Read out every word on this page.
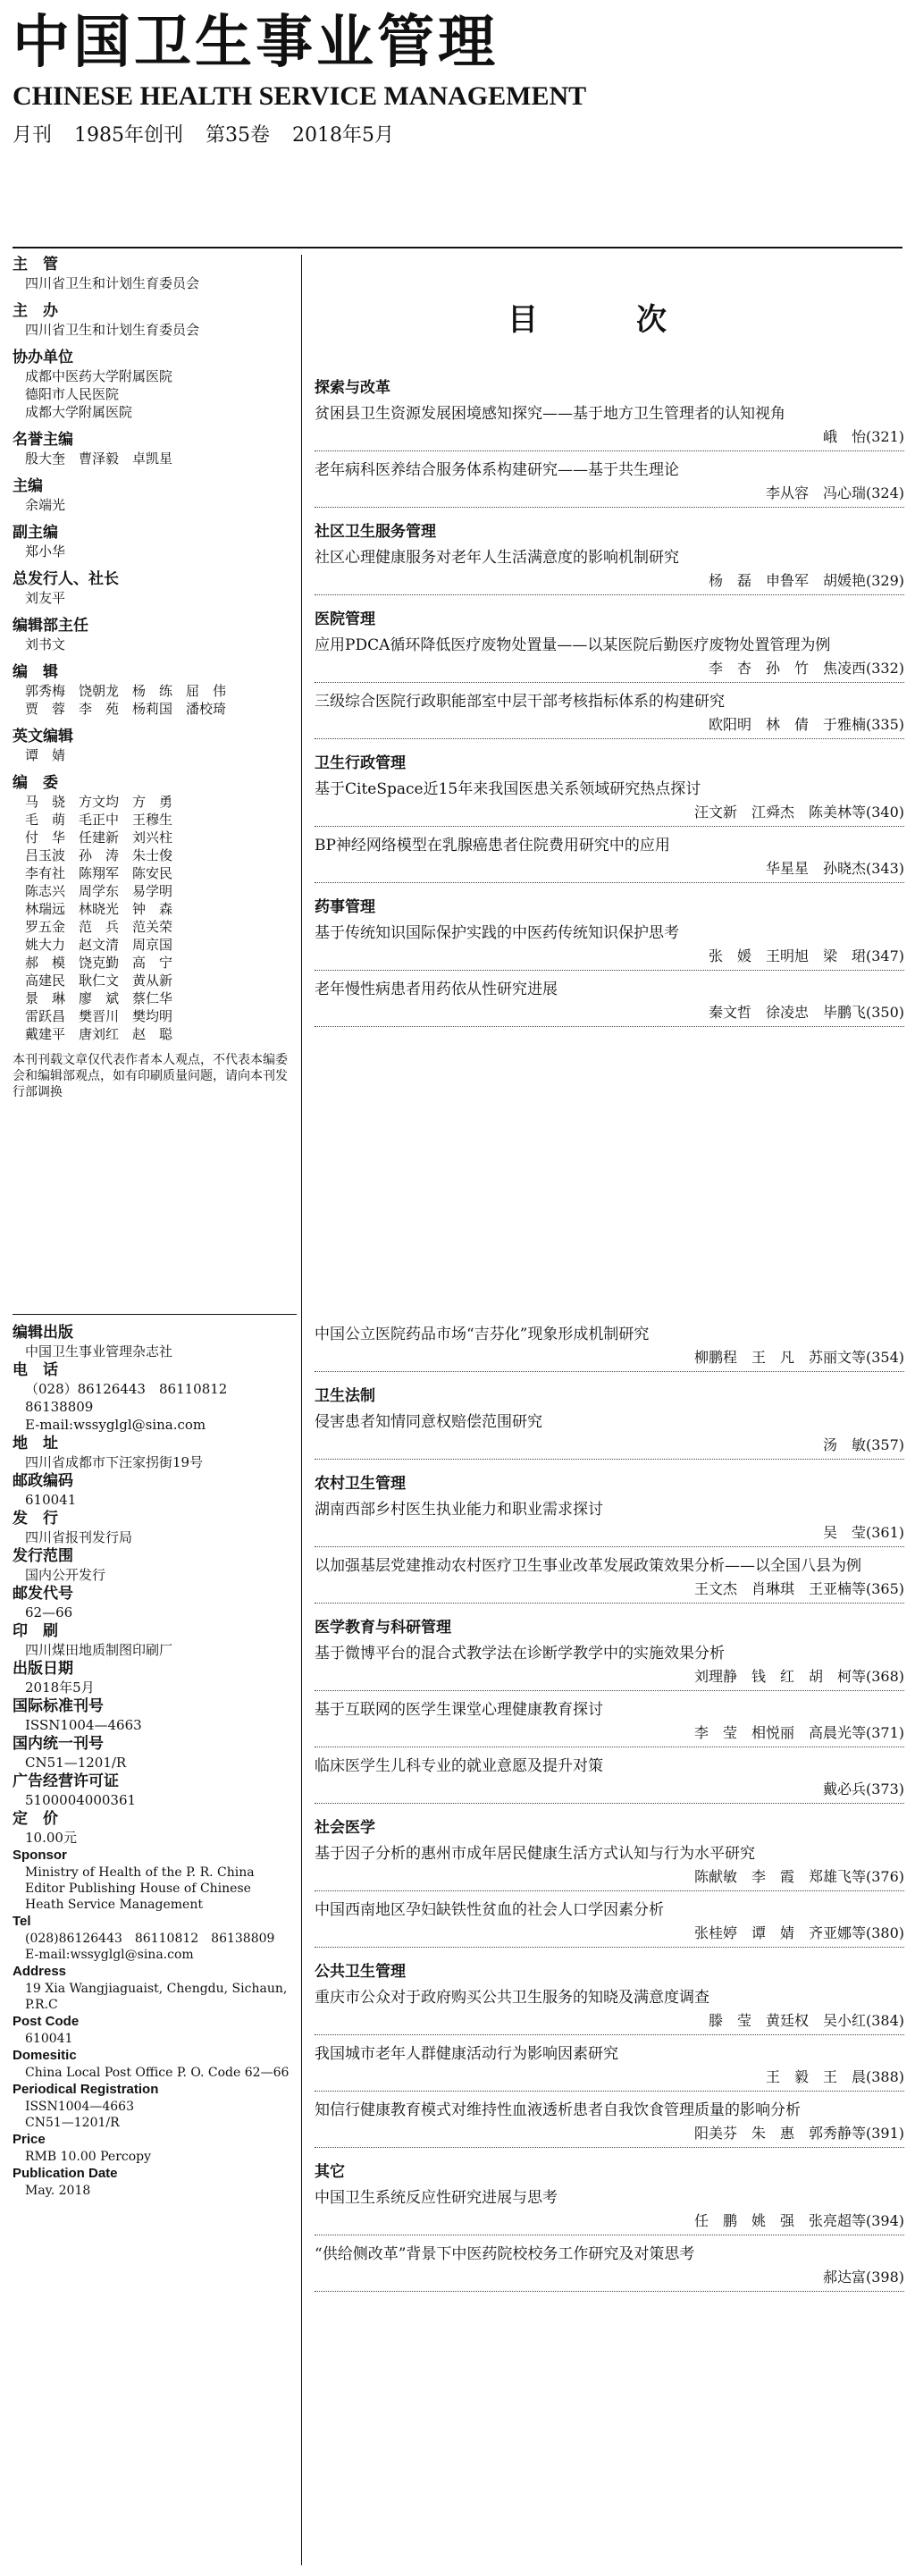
中国卫生事业管理
CHINESE HEALTH SERVICE MANAGEMENT
月刊 1985年创刊 第35卷 2018年5月
主　管
四川省卫生和计划生育委员会
主　办
四川省卫生和计划生育委员会
协办单位
成都中医药大学附属医院
德阳市人民医院
成都大学附属医院
名誉主编
殷大奎　曹泽毅　卓凯星
主编
余端光
副主编
郑小华
总发行人、社长
刘友平
编辑部主任
刘书文
编　辑
郭秀梅　饶朝龙　杨　练　屈　伟
贾　蓉　李　苑　杨莉国　潘校琦
英文编辑
谭　婧
编　委
马　骁　方文均　方　勇
毛　萌　毛正中　王穆生
付　华　任建新　刘兴柱
吕玉波　孙　涛　朱士俊
李有社　陈翔军　陈安民
陈志兴　周学东　易学明
林瑞远　林晓光　钟　森
罗五金　范　兵　范关荣
姚大力　赵文清　周京国
郝　模　饶克勤　高　宁
高建民　耿仁文　黄从新
景　琳　廖　斌　蔡仁华
雷跃昌　樊晋川　樊均明
戴建平　唐刘红　赵　聪
本刊刊载文章仅代表作者本人观点，不代表本编委会和编辑部观点，如有印刷质量问题，请向本刊发行部调换
编辑出版
中国卫生事业管理杂志社
电　话
（028）86126443　86110812　86138809
E-mail:wssyglgl@sina.com
地　址
四川省成都市下汪家拐街19号
邮政编码
610041
发　行
四川省报刊发行局
发行范围
国内公开发行
邮发代号
62—66
印　刷
四川煤田地质制图印刷厂
出版日期
2018年5月
国际标准刊号
ISSN1004—4663
国内统一刊号
CN51—1201/R
广告经营许可证
5100004000361
定　价
10.00元
Sponsor
Ministry of Health of the P. R. China
Editor Publishing House of Chinese
Heath Service Management
Tel
(028)86126443　86110812　86138809
E-mail:wssyglgl@sina.com
Address
19 Xia Wangjiaguaist, Chengdu, Sichaun, P.R.C
Post Code
610041
Domesitic
China Local Post Office P. O. Code 62—66
Periodical Registration
ISSN1004—4663
CN51—1201/R
Price
RMB 10.00 Percopy
Publication Date
May. 2018
目次
探索与改革
贫困县卫生资源发展困境感知探究——基于地方卫生管理者的认知视角
峨　怡(321)
老年病科医养结合服务体系构建研究——基于共生理论
李从容　冯心瑞(324)
社区卫生服务管理
社区心理健康服务对老年人生活满意度的影响机制研究
杨　磊　申鲁军　胡媛艳(329)
医院管理
应用PDCA循环降低医疗废物处置量——以某医院后勤医疗废物处置管理为例
李　杏　孙　竹　焦凌西(332)
三级综合医院行政职能部室中层干部考核指标体系的构建研究
欧阳明　林　倩　于雅楠(335)
卫生行政管理
基于CiteSpace近15年来我国医患关系领域研究热点探讨
汪文新　江舜杰　陈美林等(340)
BP神经网络模型在乳腺癌患者住院费用研究中的应用
华星星　孙晓杰(343)
药事管理
基于传统知识国际保护实践的中医药传统知识保护思考
张　媛　王明旭　梁　珺(347)
老年慢性病患者用药依从性研究进展
秦文哲　徐凌忠　毕鹏飞(350)
中国公立医院药品市场“吉芬化”现象形成机制研究
柳鹏程　王　凡　苏丽文等(354)
卫生法制
侵害患者知情同意权赔偿范围研究
汤　敏(357)
农村卫生管理
湖南西部乡村医生执业能力和职业需求探讨
吴　莹(361)
以加强基层党建推动农村医疗卫生事业改革发展政策效果分析——以全国八县为例
王文杰　肖琳琪　王亚楠等(365)
医学教育与科研管理
基于微博平台的混合式教学法在诊断学教学中的实施效果分析
刘理静　钱　红　胡　柯等(368)
基于互联网的医学生课堂心理健康教育探讨
李　莹　相悦丽　高晨光等(371)
临床医学生儿科专业的就业意愿及提升对策
戴必兵(373)
社会医学
基于因子分析的惠州市成年居民健康生活方式认知与行为水平研究
陈献敏　李　霞　郑雄飞等(376)
中国西南地区孕妇缺铁性贫血的社会人口学因素分析
张桂婷　谭　婧　齐亚娜等(380)
公共卫生管理
重庆市公众对于政府购买公共卫生服务的知晓及满意度调查
滕　莹　黄廷权　吴小红(384)
我国城市老年人群健康活动行为影响因素研究
王　毅　王　晨(388)
知信行健康教育模式对维持性血液透析患者自我饮食管理质量的影响分析
阳美芬　朱　惠　郭秀静等(391)
其它
中国卫生系统反应性研究进展与思考
任　鹏　姚　强　张亮超等(394)
“供给侧改革”背景下中医药院校校务工作研究及对策思考
郝达富(398)
